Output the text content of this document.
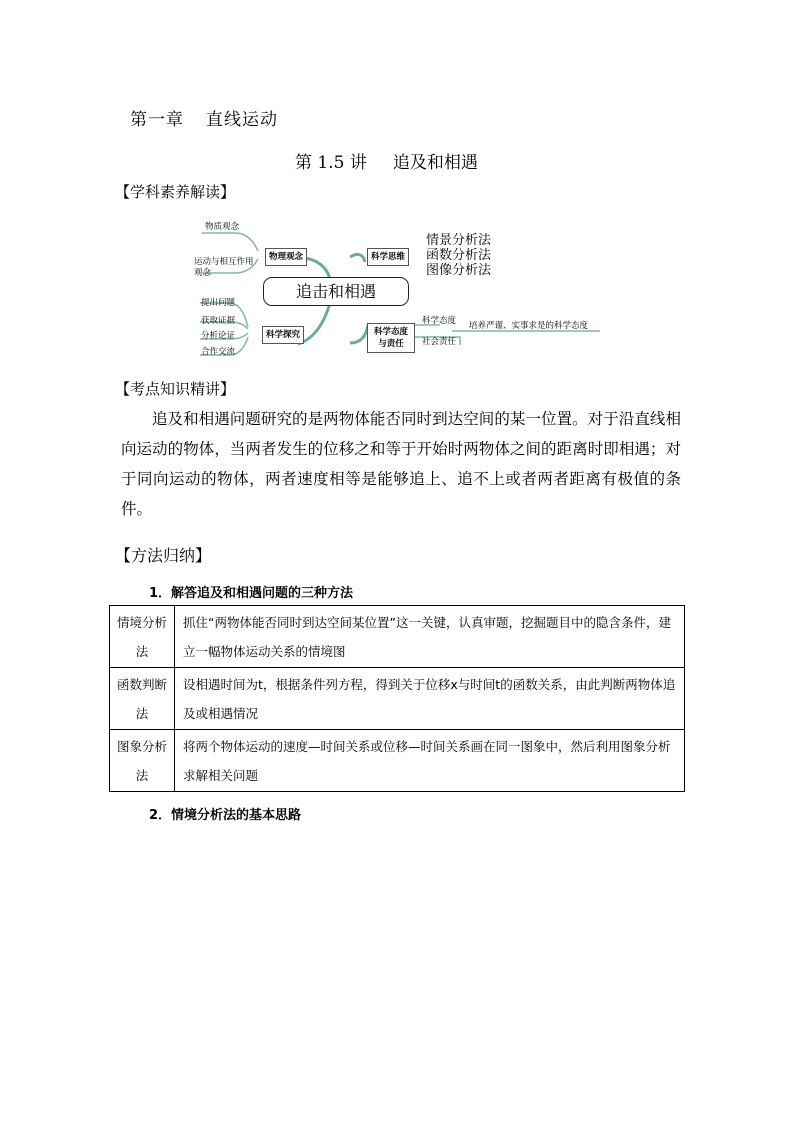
第一章 直线运动
第 1.5 讲 追及和相遇
【学科素养解读】
物质观念
运动与相互作用观念
物理观念	科学思维
情景分析法
函数分析法
图像分析法
追击和相遇
提出问题
获取证据
分析论证
合作交流
科学探究	科学态度与责任
科学态度 培养严谨、实事求是的科学态度
社会责任
【考点知识精讲】

追及和相遇问题研究的是两物体能否同时到达空间的某一位置。对于沿直线相向运动的物体，当两者发生的位移之和等于开始时两物体之间的距离时即相遇；对于同向运动的物体，两者速度相等是能够追上、追不上或者两者距离有极值的条件。

【方法归纳】
1．解答追及和相遇问题的三种方法
情境分析法	抓住“两物体能否同时到达空间某位置”这一关键，认真审题，挖掘题目中的隐含条件，建立一幅物体运动关系的情境图
函数判断法	设相遇时间为t，根据条件列方程，得到关于位移x与时间t的函数关系，由此判断两物体追及或相遇情况
图象分析法	将两个物体运动的速度—时间关系或位移—时间关系画在同一图象中，然后利用图象分析求解相关问题
2．情境分析法的基本思路
